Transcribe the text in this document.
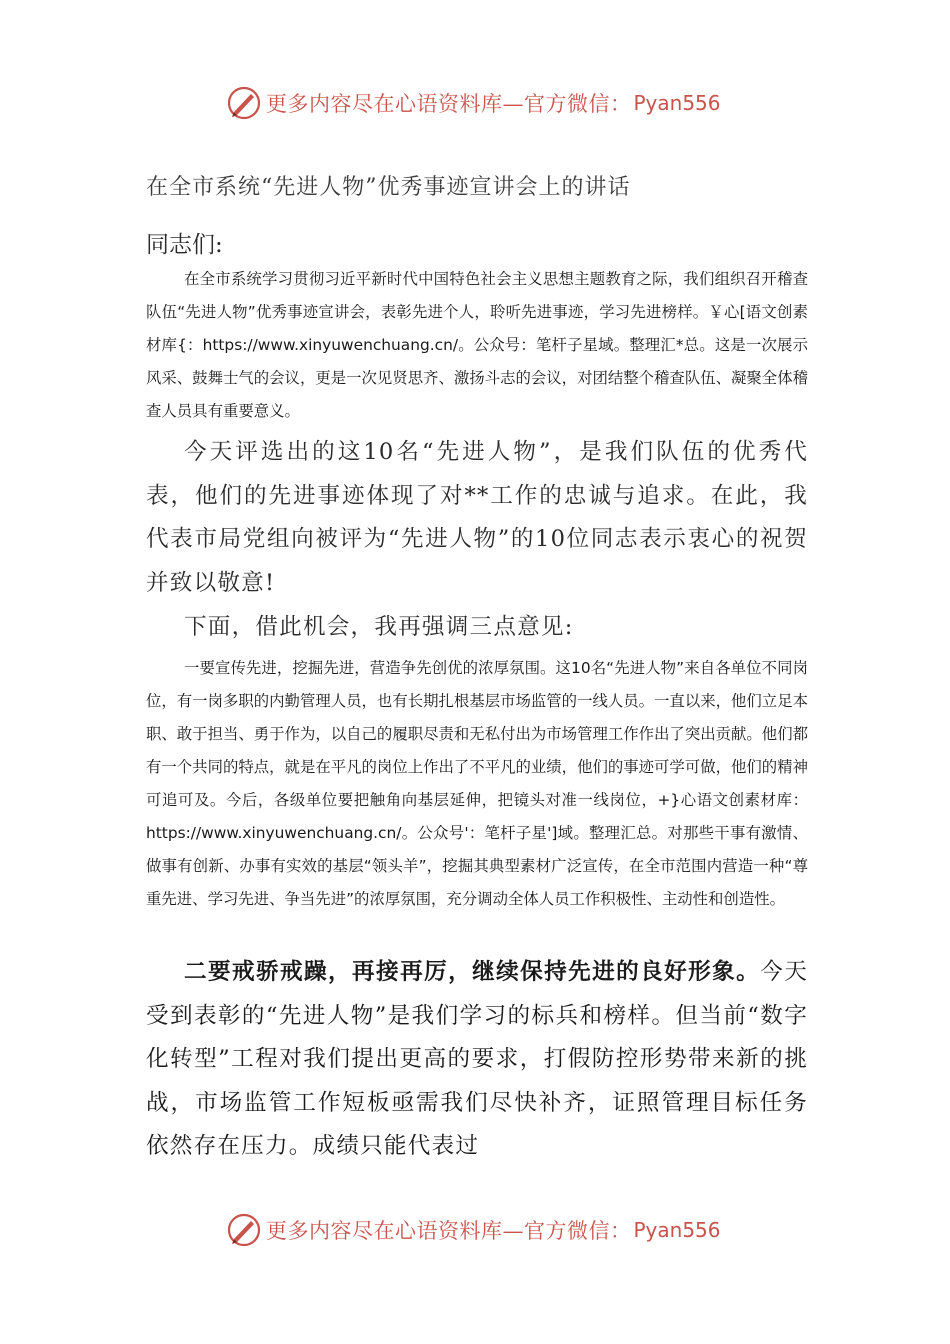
更多内容尽在心语资料库—官方微信： Pyan556
在全市系统“先进人物”优秀事迹宣讲会上的讲话
同志们:

在全市系统学习贯彻习近平新时代中国特色社会主义思想主题教育之际，我们组织召开稽查队伍“先进人物”优秀事迹宣讲会，表彰先进个人，聆听先进事迹，学习先进榜样。￥心[语文创素材库{：https://www.xinyuwenchuang.cn/。公众号：笔杆子星域。整理汇*总。这是一次展示风采、鼓舞士气的会议，更是一次见贤思齐、激扬斗志的会议，对团结整个稽查队伍、凝聚全体稽查人员具有重要意义。

今天评选出的这10名“先进人物”，是我们队伍的优秀代表，他们的先进事迹体现了对**工作的忠诚与追求。在此，我代表市局党组向被评为“先进人物”的10位同志表示衷心的祝贺并致以敬意!

下面，借此机会，我再强调三点意见:

一要宣传先进，挖掘先进，营造争先创优的浓厚氛围。这10名“先进人物”来自各单位不同岗位，有一岗多职的内勤管理人员，也有长期扎根基层市场监管的一线人员。一直以来，他们立足本职、敢于担当、勇于作为，以自己的履职尽责和无私付出为市场管理工作作出了突出贡献。他们都有一个共同的特点，就是在平凡的岗位上作出了不平凡的业绩，他们的事迹可学可做，他们的精神可追可及。今后，各级单位要把触角向基层延伸，把镜头对准一线岗位，+}心语文创素材库：https://www.xinyuwenchuang.cn/。公众号'：笔杆子星']域。整理汇总。对那些干事有激情、做事有创新、办事有实效的基层“领头羊”，挖掘其典型素材广泛宣传，在全市范围内营造一种“尊重先进、学习先进、争当先进”的浓厚氛围，充分调动全体人员工作积极性、主动性和创造性。

二要戒骄戒躁，再接再厉，继续保持先进的良好形象。今天受到表彰的“先进人物”是我们学习的标兵和榜样。但当前“数字化转型”工程对我们提出更高的要求，打假防控形势带来新的挑战，市场监管工作短板亟需我们尽快补齐，证照管理目标任务依然存在压力。成绩只能代表过

更多内容尽在心语资料库—官方微信： Pyan556
